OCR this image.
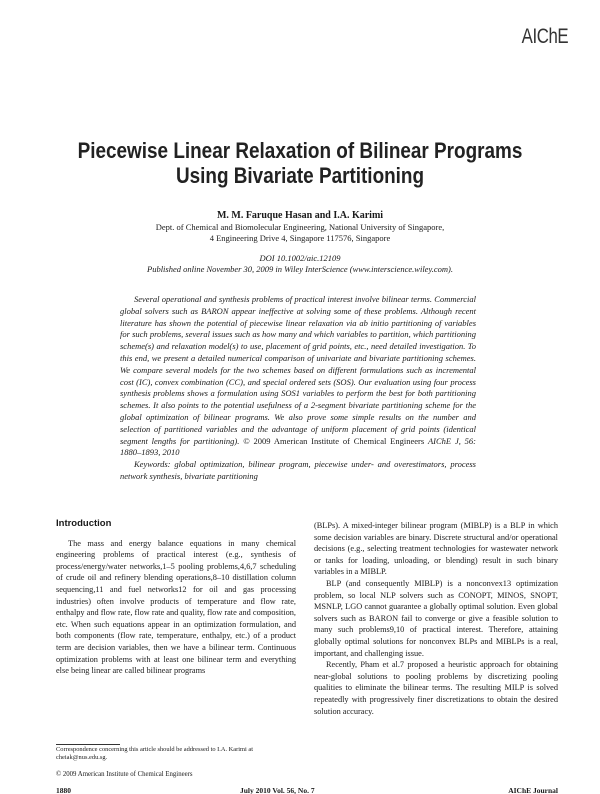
AIChE
Piecewise Linear Relaxation of Bilinear Programs Using Bivariate Partitioning
M. M. Faruque Hasan and I.A. Karimi
Dept. of Chemical and Biomolecular Engineering, National University of Singapore,
4 Engineering Drive 4, Singapore 117576, Singapore
DOI 10.1002/aic.12109
Published online November 30, 2009 in Wiley InterScience (www.interscience.wiley.com).

Several operational and synthesis problems of practical interest involve bilinear terms. Commercial global solvers such as BARON appear ineffective at solving some of these problems. Although recent literature has shown the potential of piecewise linear relaxation via ab initio partitioning of variables for such problems, several issues such as how many and which variables to partition, which partitioning scheme(s) and relaxation model(s) to use, placement of grid points, etc., need detailed investigation. To this end, we present a detailed numerical comparison of univariate and bivariate partitioning schemes. We compare several models for the two schemes based on different formulations such as incremental cost (IC), convex combination (CC), and special ordered sets (SOS). Our evaluation using four process synthesis problems shows a formulation using SOS1 variables to perform the best for both partitioning schemes. It also points to the potential usefulness of a 2-segment bivariate partitioning scheme for the global optimization of bilinear programs. We also prove some simple results on the number and selection of partitioned variables and the advantage of uniform placement of grid points (identical segment lengths for partitioning). © 2009 American Institute of Chemical Engineers AIChE J, 56: 1880–1893, 2010

Keywords: global optimization, bilinear program, piecewise under- and overestimators, process network synthesis, bivariate partitioning

Introduction

The mass and energy balance equations in many chemical engineering problems of practical interest (e.g., synthesis of process/energy/water networks,1–5 pooling problems,4,6,7 scheduling of crude oil and refinery blending operations,8–10 distillation column sequencing,11 and fuel networks12 for oil and gas processing industries) often involve products of temperature and flow rate, enthalpy and flow rate, flow rate and quality, flow rate and composition, etc. When such equations appear in an optimization formulation, and both components (flow rate, temperature, enthalpy, etc.) of a product term are decision variables, then we have a bilinear term. Continuous optimization problems with at least one bilinear term and everything else being linear are called bilinear programs

(BLPs). A mixed-integer bilinear program (MIBLP) is a BLP in which some decision variables are binary. Discrete structural and/or operational decisions (e.g., selecting treatment technologies for wastewater network or tanks for loading, unloading, or blending) result in such binary variables in a MIBLP.

BLP (and consequently MIBLP) is a nonconvex13 optimization problem, so local NLP solvers such as CONOPT, MINOS, SNOPT, MSNLP, LGO cannot guarantee a globally optimal solution. Even global solvers such as BARON fail to converge or give a feasible solution to many such problems9,10 of practical interest. Therefore, attaining globally optimal solutions for nonconvex BLPs and MIBLPs is a real, important, and challenging issue.

Recently, Pham et al.7 proposed a heuristic approach for obtaining near-global solutions to pooling problems by discretizing pooling qualities to eliminate the bilinear terms. The resulting MILP is solved repeatedly with progressively finer discretizations to obtain the desired solution accuracy.

Correspondence concerning this article should be addressed to I.A. Karimi at cheiak@nus.edu.sg.
© 2009 American Institute of Chemical Engineers
1880	July 2010 Vol. 56, No. 7	AIChE Journal
